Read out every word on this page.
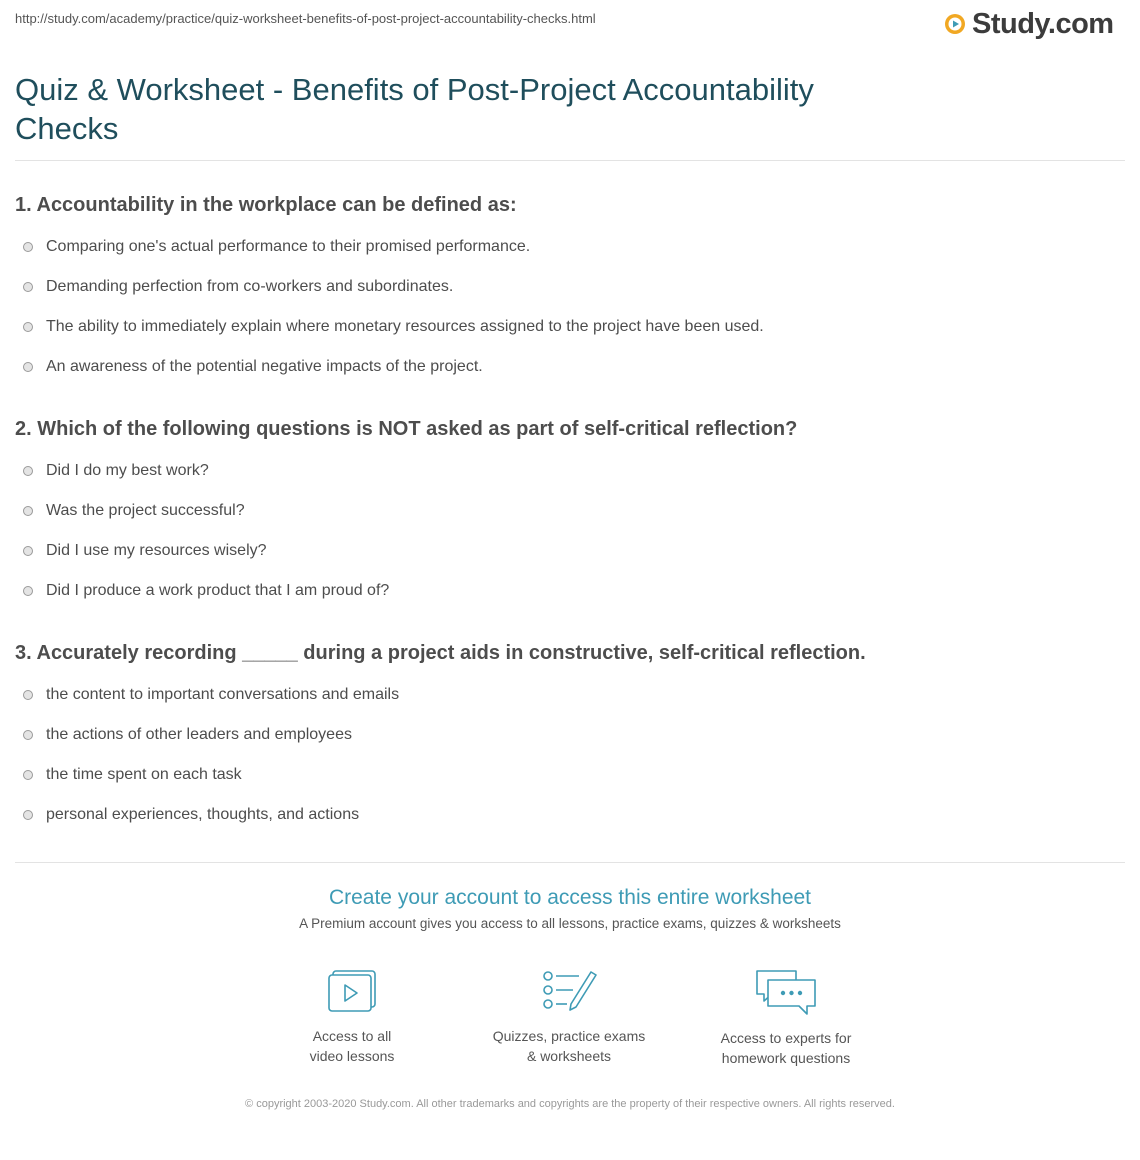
http://study.com/academy/practice/quiz-worksheet-benefits-of-post-project-accountability-checks.html	Study.com
Quiz & Worksheet - Benefits of Post-Project Accountability Checks

1. Accountability in the workplace can be defined as:

Comparing one's actual performance to their promised performance.
Demanding perfection from co-workers and subordinates.
The ability to immediately explain where monetary resources assigned to the project have been used.
An awareness of the potential negative impacts of the project.

2. Which of the following questions is NOT asked as part of self-critical reflection?

Did I do my best work?
Was the project successful?
Did I use my resources wisely?
Did I produce a work product that I am proud of?

3. Accurately recording _____ during a project aids in constructive, self-critical reflection.

the content to important conversations and emails
the actions of other leaders and employees
the time spent on each task
personal experiences, thoughts, and actions
Create your account to access this entire worksheet
A Premium account gives you access to all lessons, practice exams, quizzes & worksheets
Access to all
video lessons
Quizzes, practice exams
& worksheets
Access to experts for
homework questions
© copyright 2003-2020 Study.com. All other trademarks and copyrights are the property of their respective owners. All rights reserved.
